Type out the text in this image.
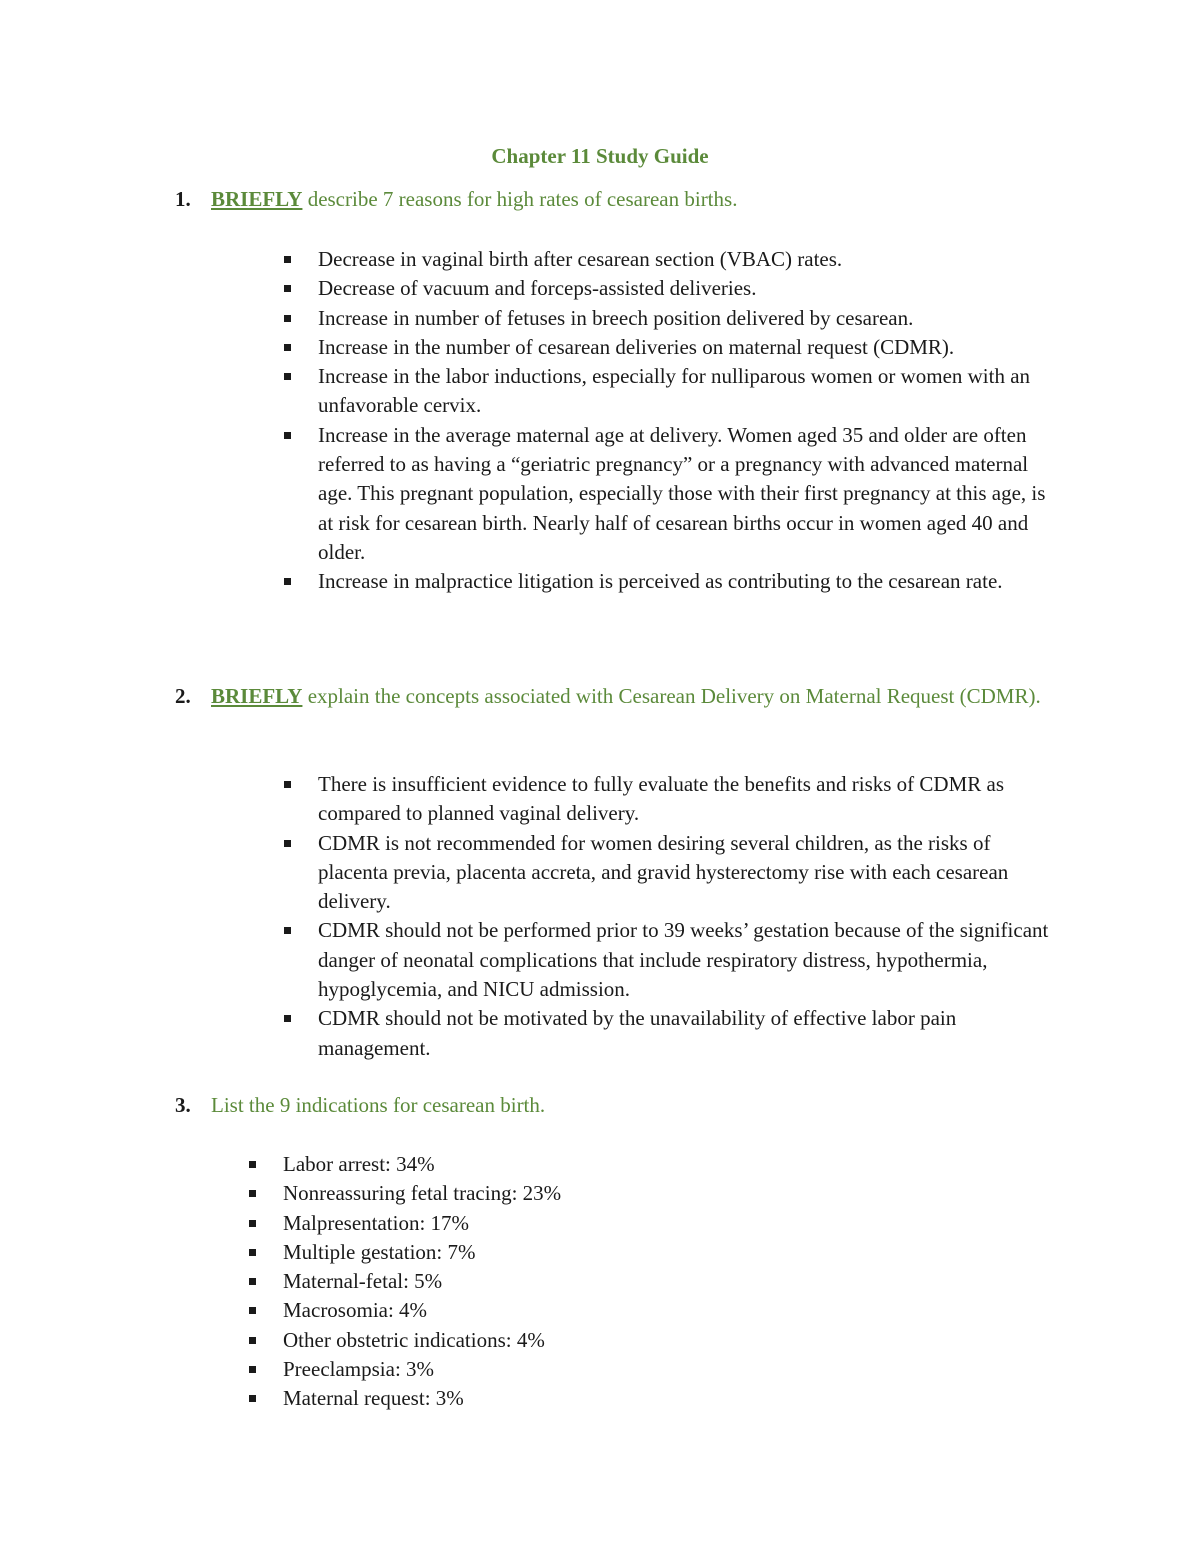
Chapter 11 Study Guide
1. BRIEFLY describe 7 reasons for high rates of cesarean births.
Decrease in vaginal birth after cesarean section (VBAC) rates.
Decrease of vacuum and forceps-assisted deliveries.
Increase in number of fetuses in breech position delivered by cesarean.
Increase in the number of cesarean deliveries on maternal request (CDMR).
Increase in the labor inductions, especially for nulliparous women or women with an unfavorable cervix.
Increase in the average maternal age at delivery. Women aged 35 and older are often referred to as having a “geriatric pregnancy” or a pregnancy with advanced maternal age. This pregnant population, especially those with their first pregnancy at this age, is at risk for cesarean birth. Nearly half of cesarean births occur in women aged 40 and older.
Increase in malpractice litigation is perceived as contributing to the cesarean rate.
2. BRIEFLY explain the concepts associated with Cesarean Delivery on Maternal Request (CDMR).
There is insufficient evidence to fully evaluate the benefits and risks of CDMR as compared to planned vaginal delivery.
CDMR is not recommended for women desiring several children, as the risks of placenta previa, placenta accreta, and gravid hysterectomy rise with each cesarean delivery.
CDMR should not be performed prior to 39 weeks’ gestation because of the significant danger of neonatal complications that include respiratory distress, hypothermia, hypoglycemia, and NICU admission.
CDMR should not be motivated by the unavailability of effective labor pain management.
3. List the 9 indications for cesarean birth.
Labor arrest: 34%
Nonreassuring fetal tracing: 23%
Malpresentation: 17%
Multiple gestation: 7%
Maternal-fetal: 5%
Macrosomia: 4%
Other obstetric indications: 4%
Preeclampsia: 3%
Maternal request: 3%
